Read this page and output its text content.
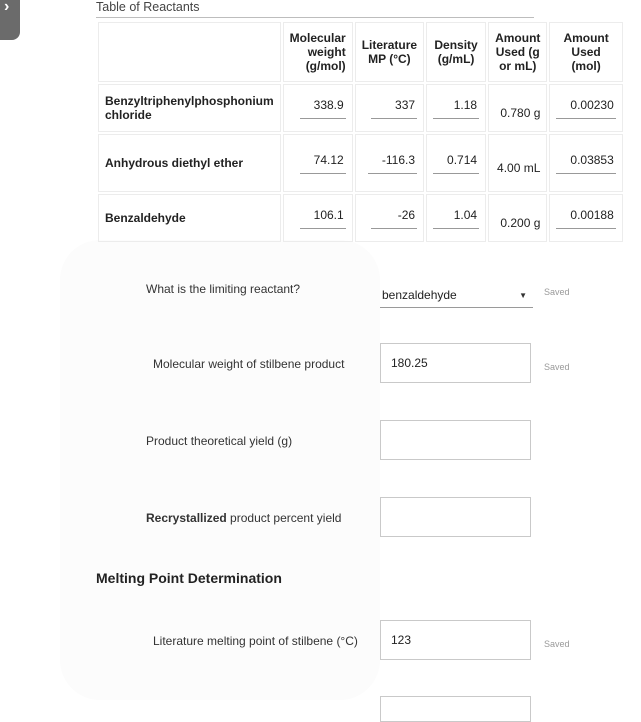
›	Table of Reactants
	Molecular weight (g/mol)	Literature MP (°C)	Density (g/mL)	Amount Used (g or mL)	Amount Used (mol)
Benzyltriphenylphosphonium chloride	338.9	337	1.18	0.780 g	0.00230
Anhydrous diethyl ether	74.12	-116.3	0.714	4.00 mL	0.03853
Benzaldehyde	106.1	-26	1.04	0.200 g	0.00188
What is the limiting reactant?	benzaldehyde	▼ Saved
Molecular weight of stilbene product	180.25	Saved
Product theoretical yield (g)
Recrystallized product percent yield
Melting Point Determination
Literature melting point of stilbene (°C)	123	Saved
